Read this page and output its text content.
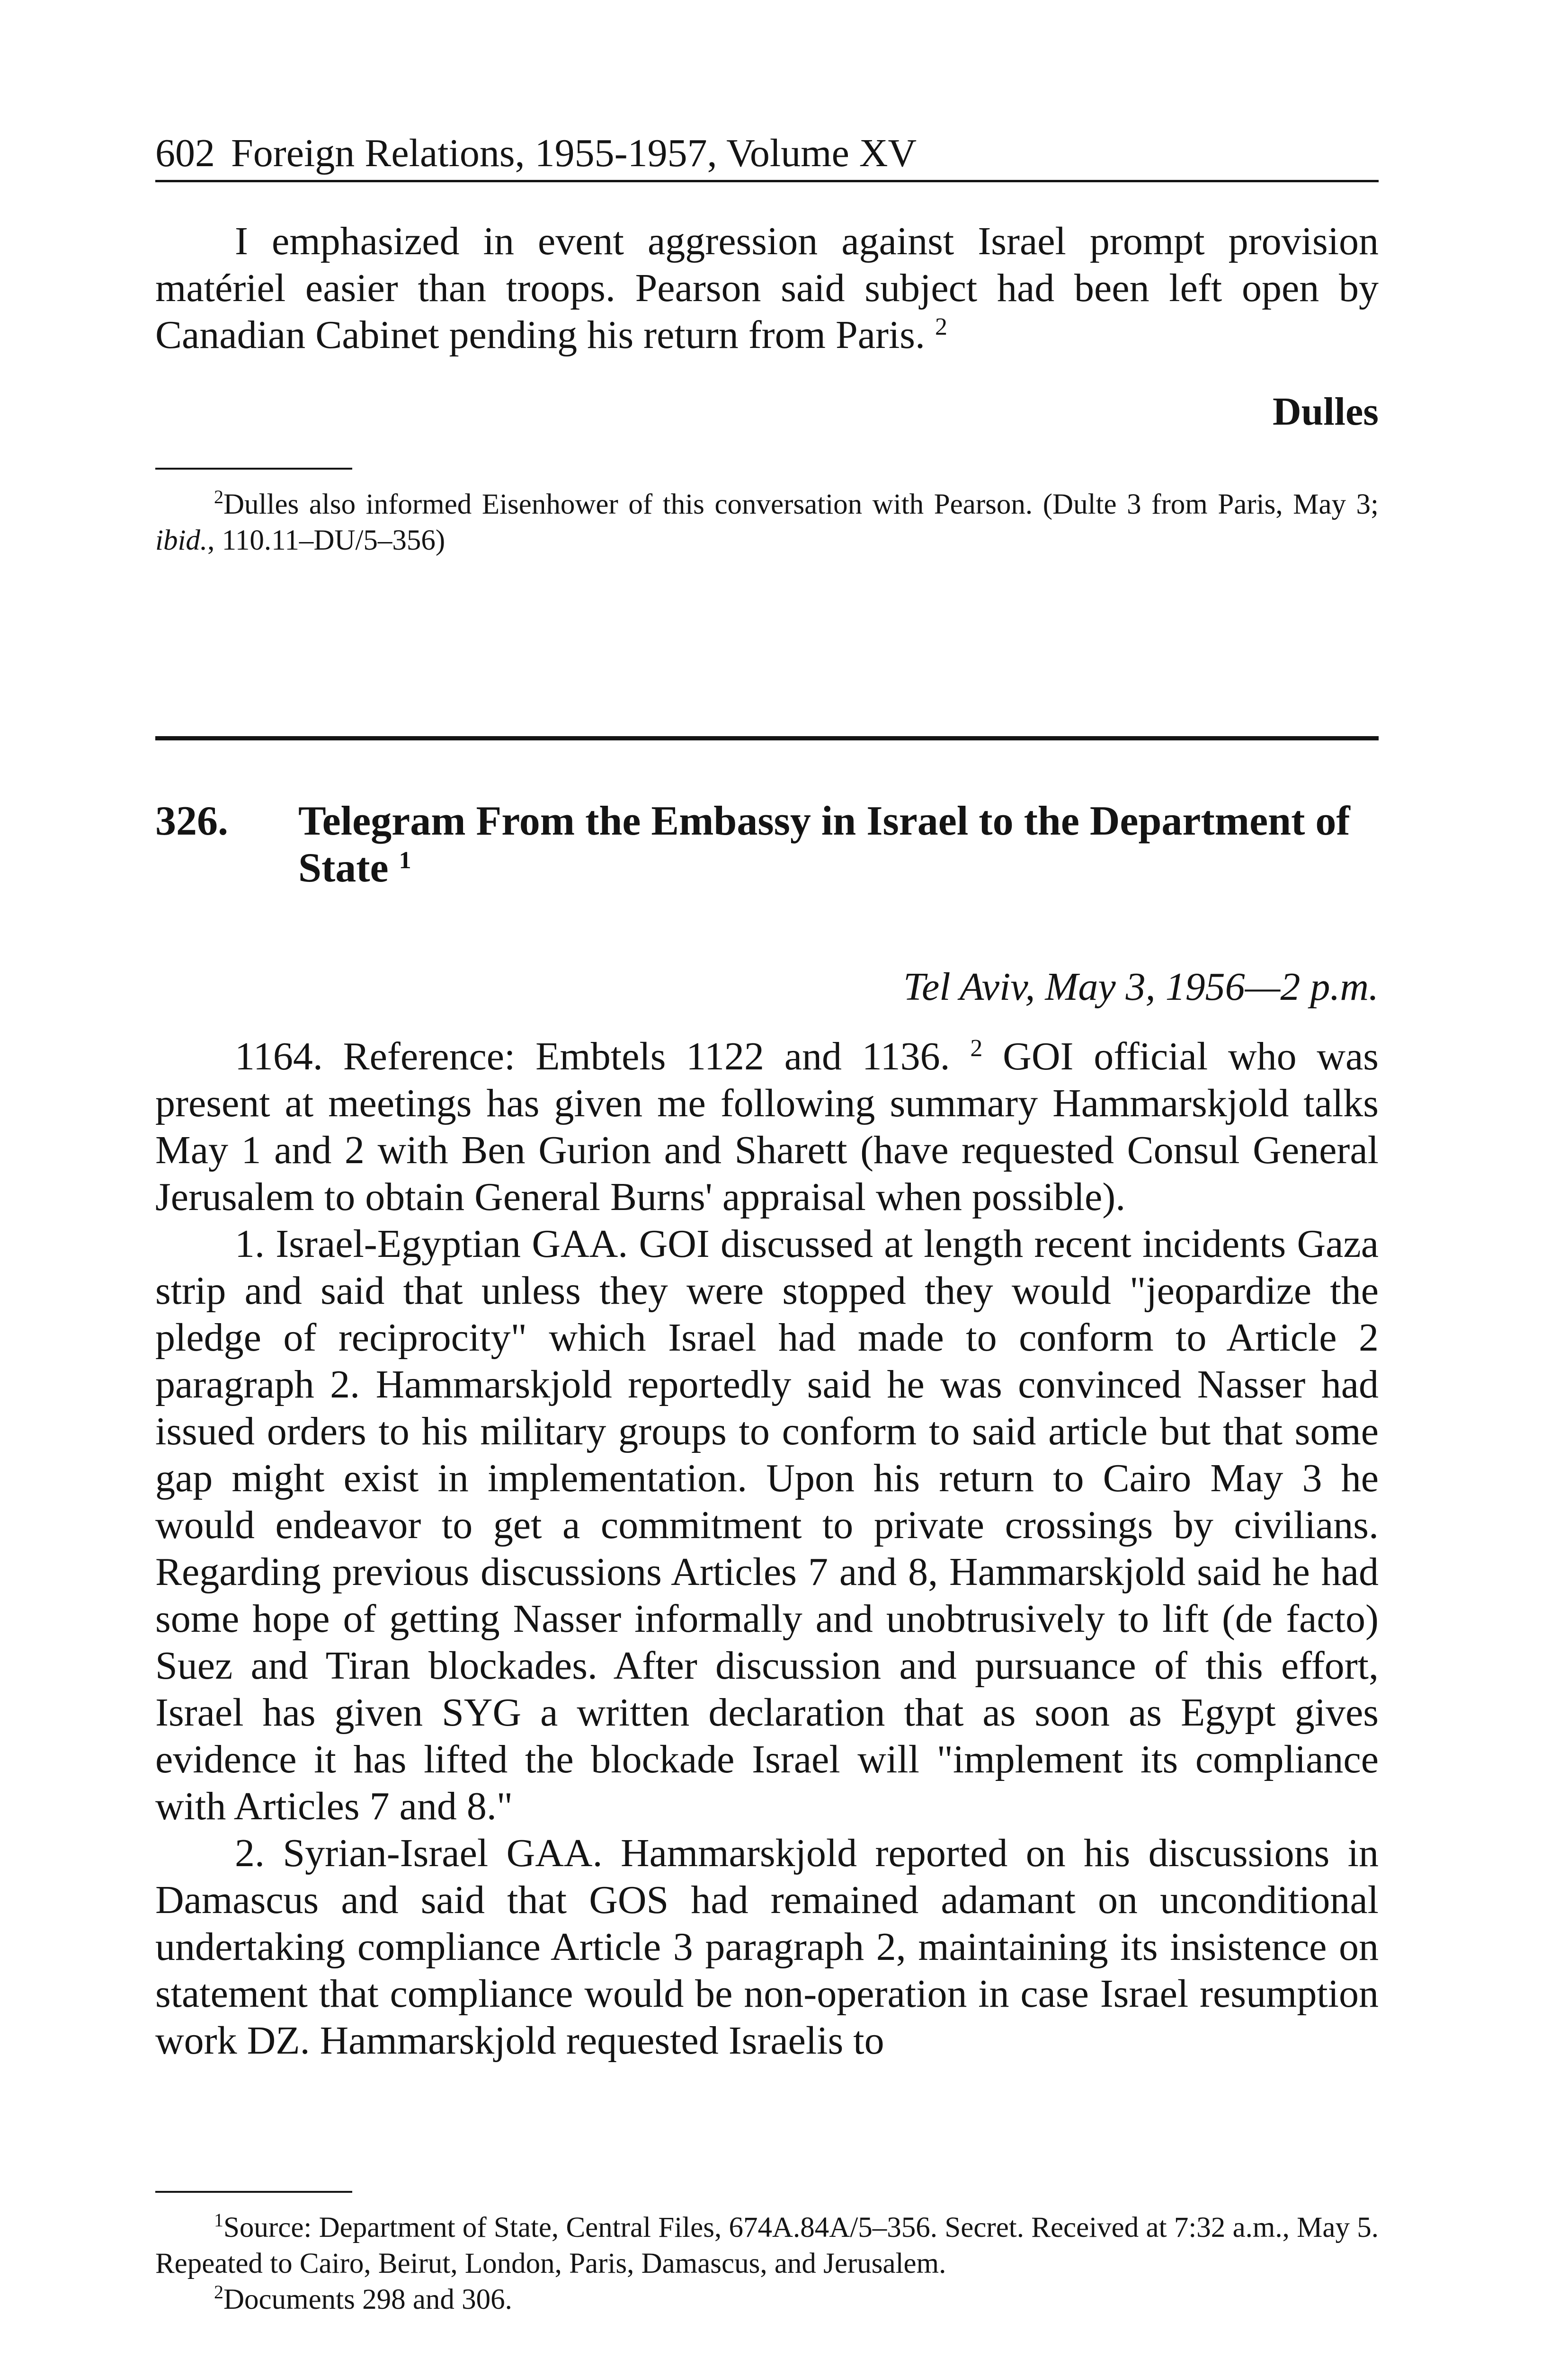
602 Foreign Relations, 1955-1957, Volume XV

I emphasized in event aggression against Israel prompt provision matériel easier than troops. Pearson said subject had been left open by Canadian Cabinet pending his return from Paris. $^2$

Dulles

$^2$Dulles also informed Eisenhower of this conversation with Pearson. (Dulte 3 from Paris, May 3; ibid., 110.11–DU/5–356)

326. Telegram From the Embassy in Israel to the Department of State $^1$
Tel Aviv, May 3, 1956—2 p.m.

1164. Reference: Embtels 1122 and 1136. $^2$ GOI official who was present at meetings has given me following summary Hammarskjold talks May 1 and 2 with Ben Gurion and Sharett (have requested Consul General Jerusalem to obtain General Burns' appraisal when possible).

1. Israel-Egyptian GAA. GOI discussed at length recent incidents Gaza strip and said that unless they were stopped they would "jeopardize the pledge of reciprocity" which Israel had made to conform to Article 2 paragraph 2. Hammarskjold reportedly said he was convinced Nasser had issued orders to his military groups to conform to said article but that some gap might exist in implementation. Upon his return to Cairo May 3 he would endeavor to get a commitment to private crossings by civilians. Regarding previous discussions Articles 7 and 8, Hammarskjold said he had some hope of getting Nasser informally and unobtrusively to lift (de facto) Suez and Tiran blockades. After discussion and pursuance of this effort, Israel has given SYG a written declaration that as soon as Egypt gives evidence it has lifted the blockade Israel will "implement its compliance with Articles 7 and 8."

2. Syrian-Israel GAA. Hammarskjold reported on his discussions in Damascus and said that GOS had remained adamant on unconditional undertaking compliance Article 3 paragraph 2, maintaining its insistence on statement that compliance would be non-operation in case Israel resumption work DZ. Hammarskjold requested Israelis to

$^1$Source: Department of State, Central Files, 674A.84A/5–356. Secret. Received at 7:32 a.m., May 5. Repeated to Cairo, Beirut, London, Paris, Damascus, and Jerusalem.

$^2$Documents 298 and 306.
